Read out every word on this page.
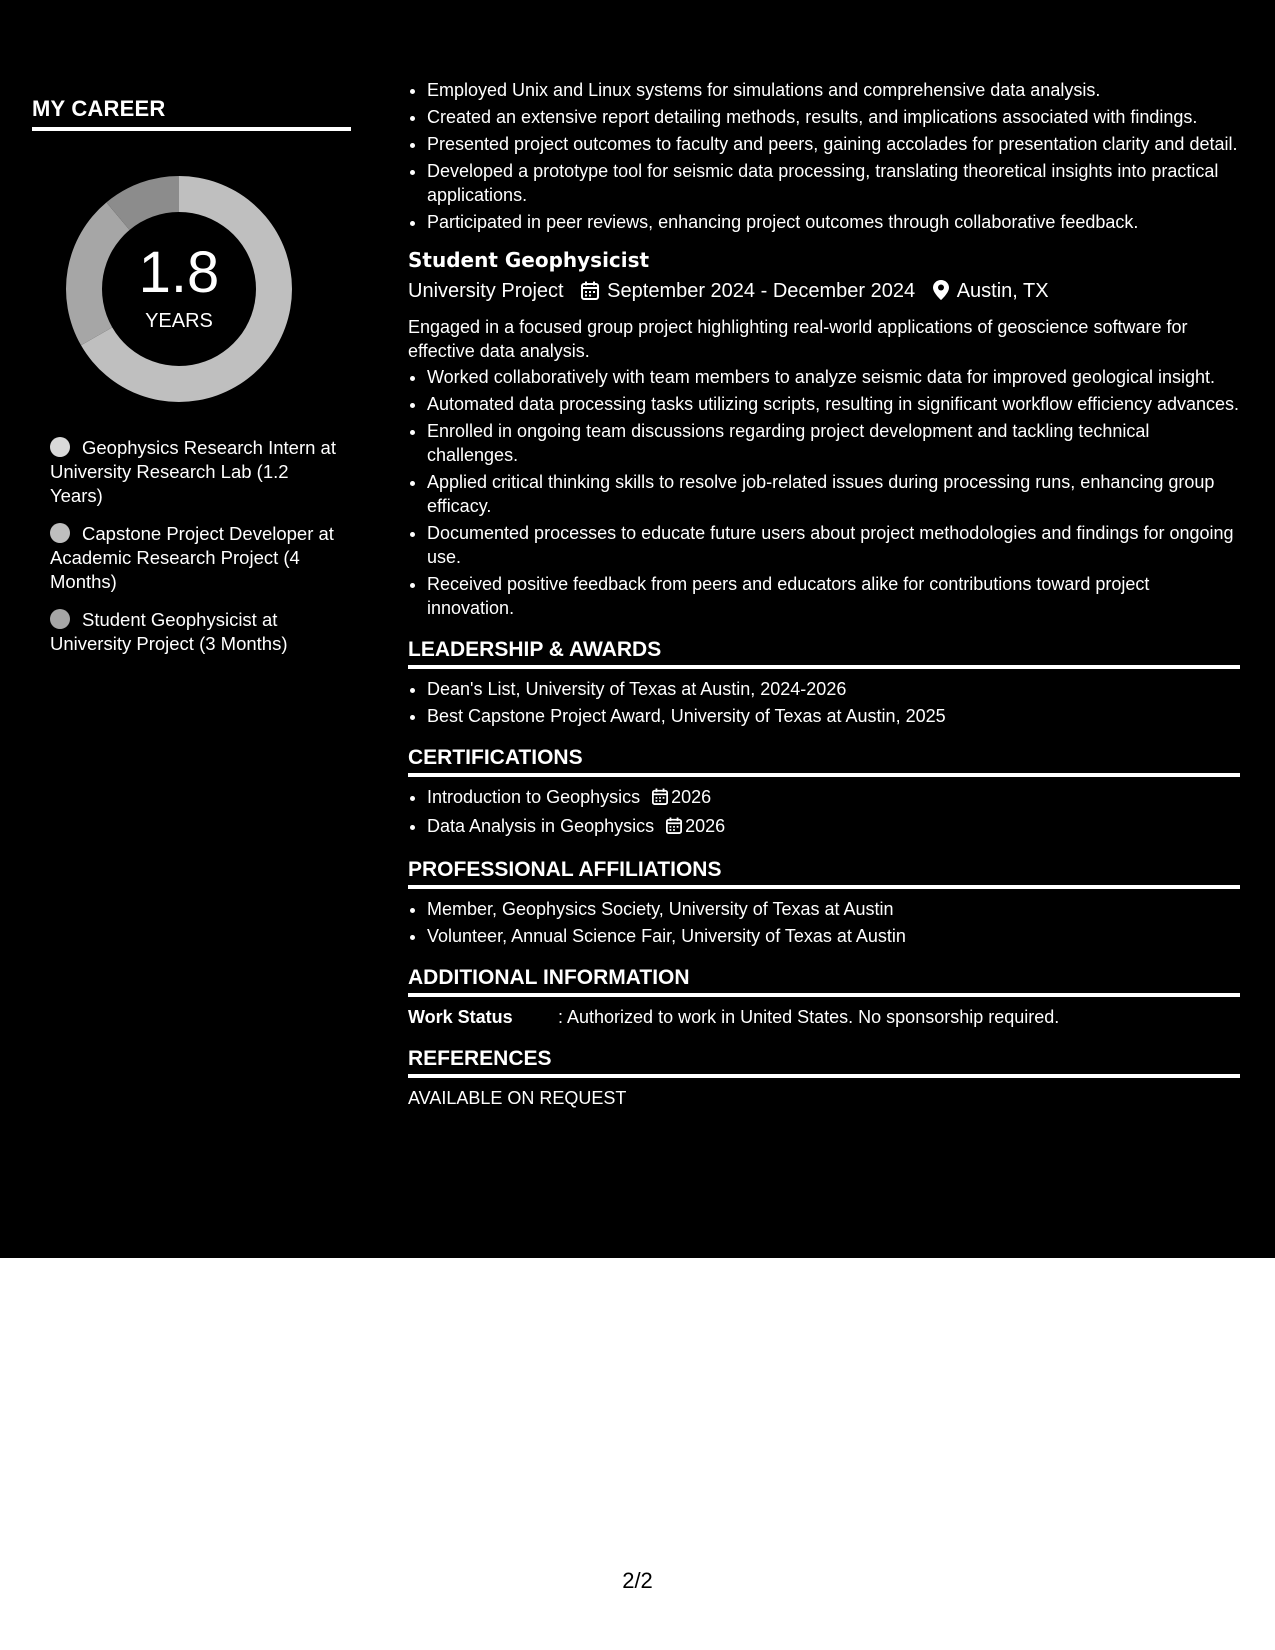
MY CAREER
1.8
YEARS
Geophysics Research Intern at University Research Lab (1.2 Years)
Capstone Project Developer at Academic Research Project (4 Months)
Student Geophysicist at University Project (3 Months)
• Employed Unix and Linux systems for simulations and comprehensive data analysis.
• Created an extensive report detailing methods, results, and implications associated with findings.
• Presented project outcomes to faculty and peers, gaining accolades for presentation clarity and detail.
• Developed a prototype tool for seismic data processing, translating theoretical insights into practical applications.
• Participated in peer reviews, enhancing project outcomes through collaborative feedback.
Student Geophysicist
University Project September 2024 - December 2024 Austin, TX
Engaged in a focused group project highlighting real-world applications of geoscience software for effective data analysis.
• Worked collaboratively with team members to analyze seismic data for improved geological insight.
• Automated data processing tasks utilizing scripts, resulting in significant workflow efficiency advances.
• Enrolled in ongoing team discussions regarding project development and tackling technical challenges.
• Applied critical thinking skills to resolve job-related issues during processing runs, enhancing group efficacy.
• Documented processes to educate future users about project methodologies and findings for ongoing use.
• Received positive feedback from peers and educators alike for contributions toward project innovation.
LEADERSHIP & AWARDS
• Dean's List, University of Texas at Austin, 2024-2026
• Best Capstone Project Award, University of Texas at Austin, 2025
CERTIFICATIONS
• Introduction to Geophysics 2026
• Data Analysis in Geophysics 2026
PROFESSIONAL AFFILIATIONS
• Member, Geophysics Society, University of Texas at Austin
• Volunteer, Annual Science Fair, University of Texas at Austin
ADDITIONAL INFORMATION
Work Status	: Authorized to work in United States. No sponsorship required.
REFERENCES
AVAILABLE ON REQUEST
2/2
